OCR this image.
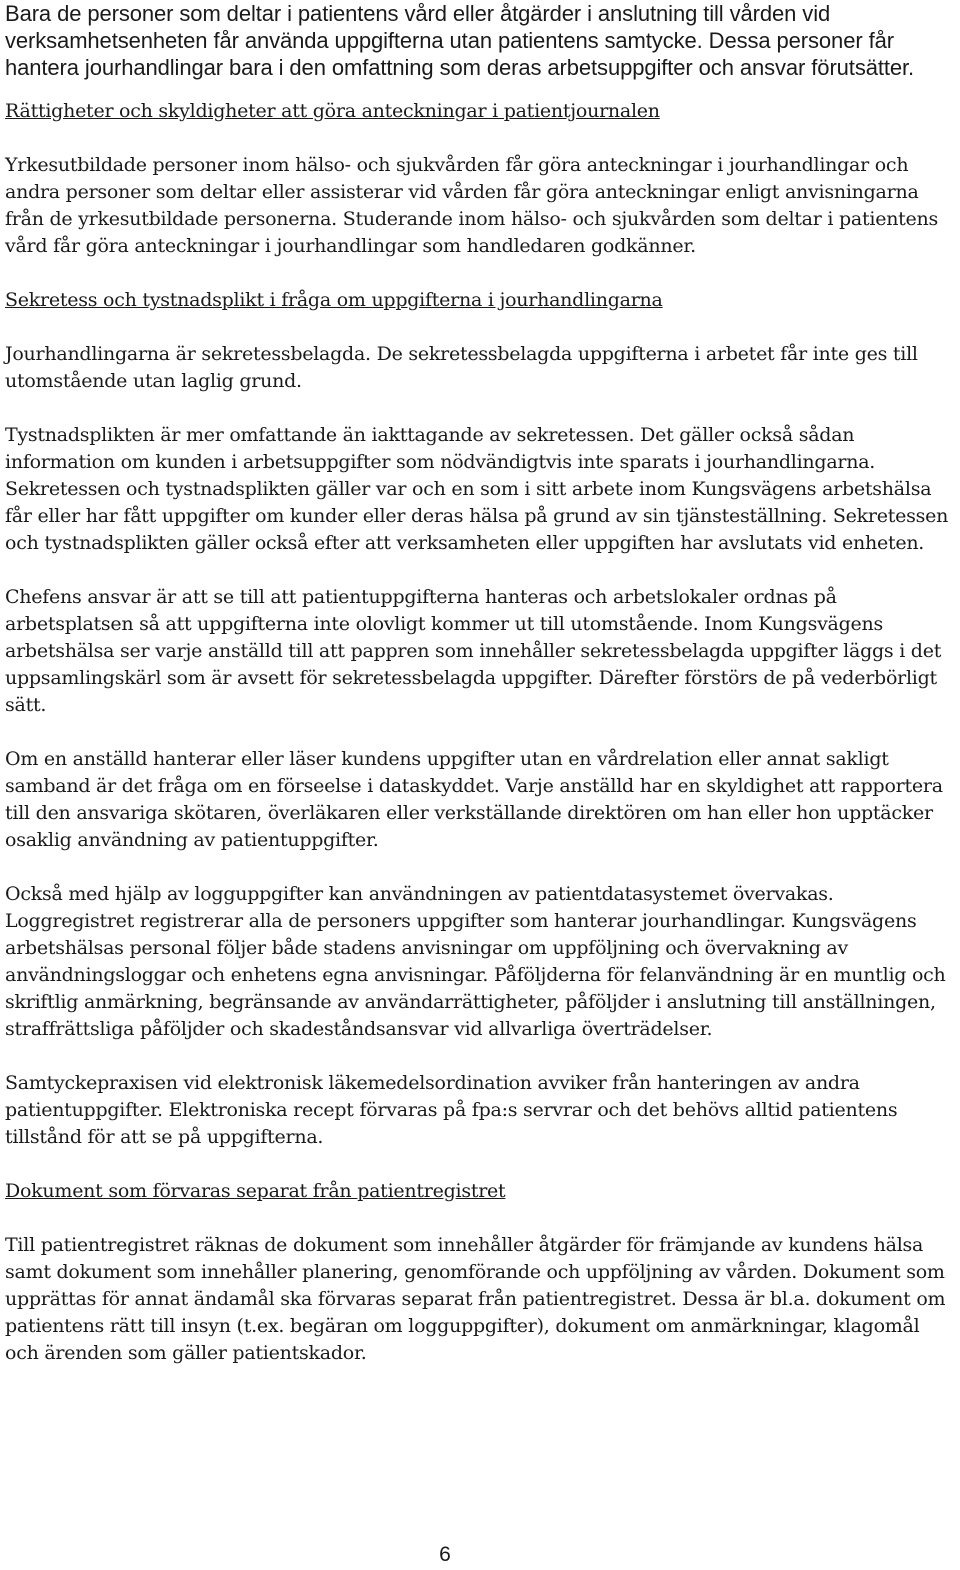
Bara de personer som deltar i patientens vård eller åtgärder i anslutning till vården vid verksamhetsenheten får använda uppgifterna utan patientens samtycke. Dessa personer får hantera jourhandlingar bara i den omfattning som deras arbetsuppgifter och ansvar förutsätter.

Rättigheter och skyldigheter att göra anteckningar i patientjournalen

Yrkesutbildade personer inom hälso- och sjukvården får göra anteckningar i jourhandlingar och andra personer som deltar eller assisterar vid vården får göra anteckningar enligt anvisningarna från de yrkesutbildade personerna. Studerande inom hälso- och sjukvården som deltar i patientens vård får göra anteckningar i jourhandlingar som handledaren godkänner.

Sekretess och tystnadsplikt i fråga om uppgifterna i jourhandlingarna

Jourhandlingarna är sekretessbelagda. De sekretessbelagda uppgifterna i arbetet får inte ges till utomstående utan laglig grund.

Tystnadsplikten är mer omfattande än iakttagande av sekretessen. Det gäller också sådan information om kunden i arbetsuppgifter som nödvändigtvis inte sparats i jourhandlingarna. Sekretessen och tystnadsplikten gäller var och en som i sitt arbete inom Kungsvägens arbetshälsa får eller har fått uppgifter om kunder eller deras hälsa på grund av sin tjänsteställning. Sekretessen och tystnadsplikten gäller också efter att verksamheten eller uppgiften har avslutats vid enheten.

Chefens ansvar är att se till att patientuppgifterna hanteras och arbetslokaler ordnas på arbetsplatsen så att uppgifterna inte olovligt kommer ut till utomstående. Inom Kungsvägens arbetshälsa ser varje anställd till att pappren som innehåller sekretessbelagda uppgifter läggs i det uppsamlingskärl som är avsett för sekretessbelagda uppgifter. Därefter förstörs de på vederbörligt sätt.

Om en anställd hanterar eller läser kundens uppgifter utan en vårdrelation eller annat sakligt samband är det fråga om en förseelse i dataskyddet. Varje anställd har en skyldighet att rapportera till den ansvariga skötaren, överläkaren eller verkställande direktören om han eller hon upptäcker osaklig användning av patientuppgifter.

Också med hjälp av logguppgifter kan användningen av patientdatasystemet övervakas. Loggregistret registrerar alla de personers uppgifter som hanterar jourhandlingar. Kungsvägens arbetshälsas personal följer både stadens anvisningar om uppföljning och övervakning av användningsloggar och enhetens egna anvisningar. Påföljderna för felanvändning är en muntlig och skriftlig anmärkning, begränsande av användarrättigheter, påföljder i anslutning till anställningen, straffrättsliga påföljder och skadeståndsansvar vid allvarliga överträdelser.

Samtyckepraxisen vid elektronisk läkemedelsordination avviker från hanteringen av andra patientuppgifter. Elektroniska recept förvaras på fpa:s servrar och det behövs alltid patientens tillstånd för att se på uppgifterna.

Dokument som förvaras separat från patientregistret

Till patientregistret räknas de dokument som innehåller åtgärder för främjande av kundens hälsa samt dokument som innehåller planering, genomförande och uppföljning av vården. Dokument som upprättas för annat ändamål ska förvaras separat från patientregistret. Dessa är bl.a. dokument om patientens rätt till insyn (t.ex. begäran om logguppgifter), dokument om anmärkningar, klagomål och ärenden som gäller patientskador.

6
